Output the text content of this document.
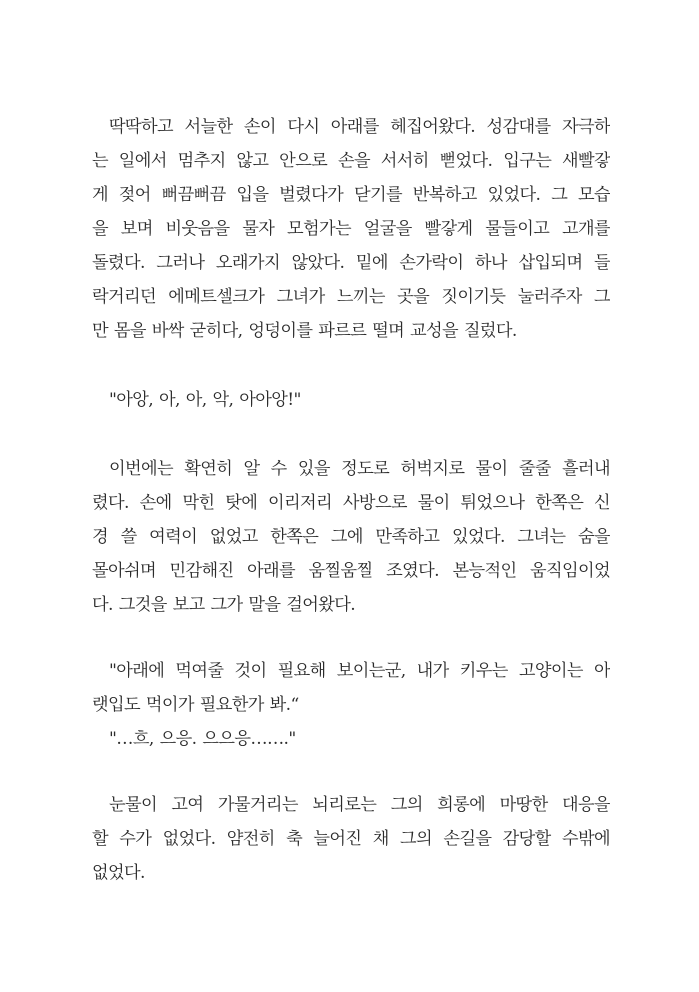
딱딱하고 서늘한 손이 다시 아래를 헤집어왔다. 성감대를 자극하
는 일에서 멈추지 않고 안으로 손을 서서히 뻗었다. 입구는 새빨갛
게 젖어 뻐끔뻐끔 입을 벌렸다가 닫기를 반복하고 있었다. 그 모습
을 보며 비웃음을 물자 모험가는 얼굴을 빨갛게 물들이고 고개를
돌렸다. 그러나 오래가지 않았다. 밑에 손가락이 하나 삽입되며 들
락거리던 에메트셀크가 그녀가 느끼는 곳을 짓이기듯 눌러주자 그
만 몸을 바싹 굳히다, 엉덩이를 파르르 떨며 교성을 질렀다.
"아앙, 아, 아, 악, 아아앙!"
이번에는 확연히 알 수 있을 정도로 허벅지로 물이 줄줄 흘러내
렸다. 손에 막힌 탓에 이리저리 사방으로 물이 튀었으나 한쪽은 신
경 쓸 여력이 없었고 한쪽은 그에 만족하고 있었다. 그녀는 숨을
몰아쉬며 민감해진 아래를 움찔움찔 조였다. 본능적인 움직임이었
다. 그것을 보고 그가 말을 걸어왔다.
"아래에 먹여줄 것이 필요해 보이는군, 내가 키우는 고양이는 아
랫입도 먹이가 필요한가 봐.“
"…흐, 으응. 으으응……."
눈물이 고여 가물거리는 뇌리로는 그의 희롱에 마땅한 대응을
할 수가 없었다. 얌전히 축 늘어진 채 그의 손길을 감당할 수밖에
없었다.
